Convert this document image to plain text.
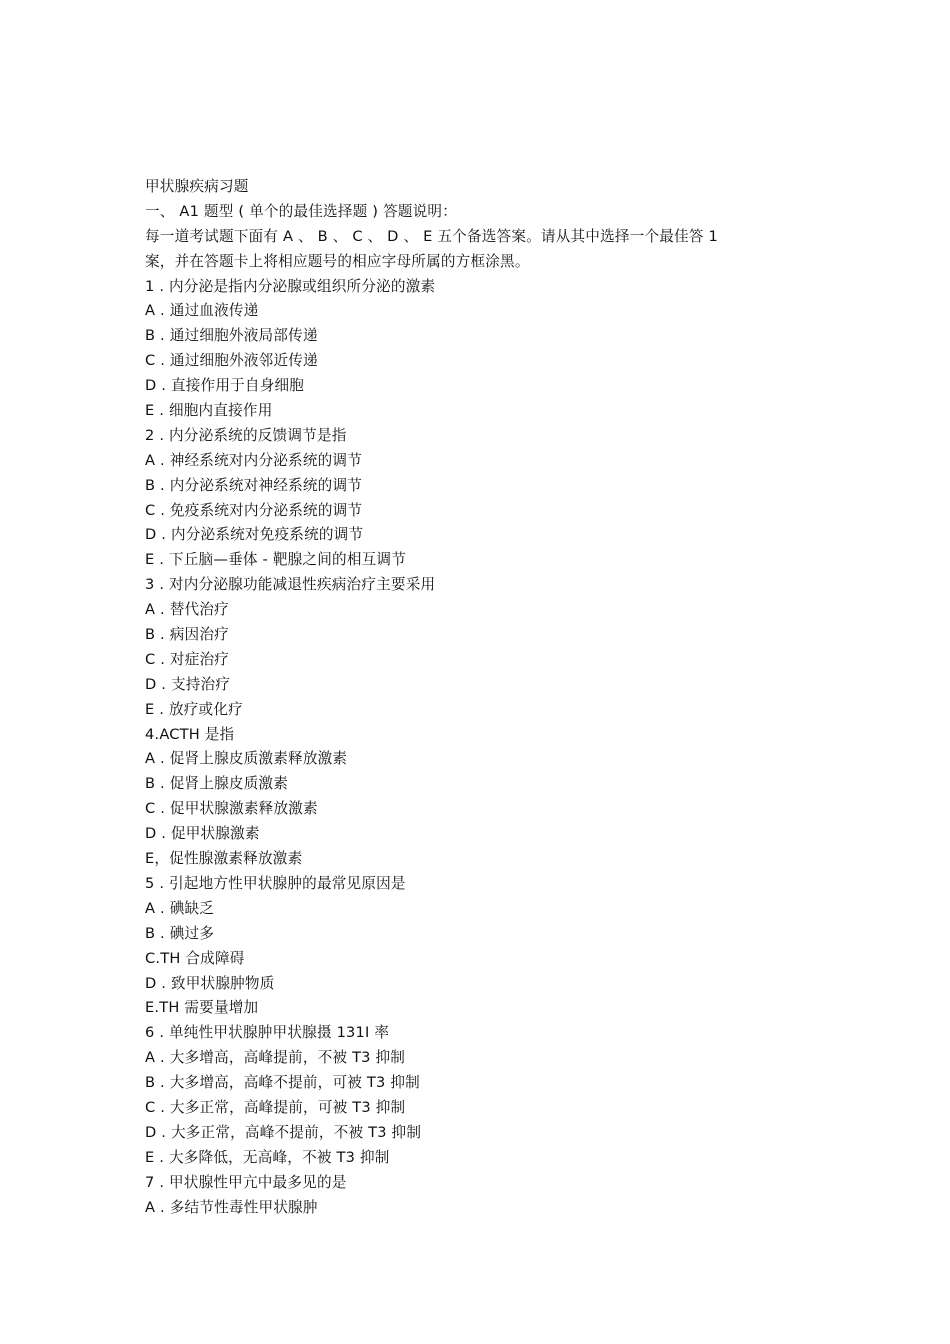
甲状腺疾病习题
一、 A1 题型 ( 单个的最佳选择题 ) 答题说明：
每一道考试题下面有 A 、 B 、 C 、 D 、 E 五个备选答案。请从其中选择一个最佳答 1
案，并在答题卡上将相应题号的相应字母所属的方框涂黑。
1 . 内分泌是指内分泌腺或组织所分泌的激素
A . 通过血液传递
B . 通过细胞外液局部传递
C . 通过细胞外液邻近传递
D . 直接作用于自身细胞
E . 细胞内直接作用
2 . 内分泌系统的反馈调节是指
A . 神经系统对内分泌系统的调节
B . 内分泌系统对神经系统的调节
C . 免疫系统对内分泌系统的调节
D . 内分泌系统对免疫系统的调节
E . 下丘脑—垂体 - 靶腺之间的相互调节
3 . 对内分泌腺功能减退性疾病治疗主要采用
A . 替代治疗
B . 病因治疗
C . 对症治疗
D . 支持治疗
E . 放疗或化疗
4.ACTH 是指
A . 促肾上腺皮质激素释放激素
B . 促肾上腺皮质激素
C . 促甲状腺激素释放激素
D . 促甲状腺激素
E，促性腺激素释放激素
5 . 引起地方性甲状腺肿的最常见原因是
A . 碘缺乏
B . 碘过多
C.TH 合成障碍
D . 致甲状腺肿物质
E.TH 需要量增加
6 . 单纯性甲状腺肿甲状腺摄 131I 率
A . 大多增高，高峰提前，不被 T3 抑制
B . 大多增高，高峰不提前，可被 T3 抑制
C . 大多正常，高峰提前，可被 T3 抑制
D . 大多正常，高峰不提前，不被 T3 抑制
E . 大多降低，无高峰，不被 T3 抑制
7 . 甲状腺性甲亢中最多见的是
A . 多结节性毒性甲状腺肿
